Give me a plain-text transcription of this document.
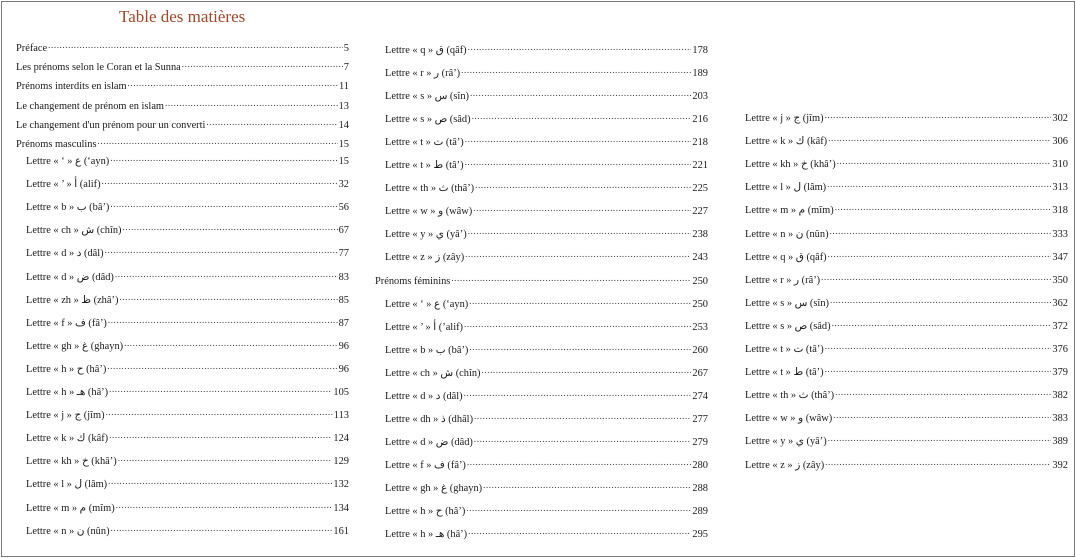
Table des matières
Préface .....	5
Les prénoms selon le Coran et la Sunna .....	7
Prénoms interdits en islam .....	11
Le changement de prénom en islam .....	13
Le changement d'un prénom pour un converti .....	14
Prénoms masculins .....	15
Lettre « ‘ » ع (‘ayn) .....	15
Lettre « ’ » أ (alif) .....	32
Lettre « b » ب (bâ’) .....	56
Lettre « ch » ش (chîn) .....	67
Lettre « d » د (dâl) .....	77
Lettre « d » ض (dâd) .....	83
Lettre « zh » ظ (zhâ’) .....	85
Lettre « f » ف (fâ’) .....	87
Lettre « gh » غ (ghayn) .....	96
Lettre « h » ح (hâ’) .....	96
Lettre « h » هـ (hâ’) .....	105
Lettre « j » ج (jîm) .....	113
Lettre « k » ك (kâf) .....	124
Lettre « kh » خ (khâ’) .....	129
Lettre « l » ل (lâm) .....	132
Lettre « m » م (mîm) .....	134
Lettre « n » ن (nûn) .....	161
Lettre « q » ق (qâf) .....	178
Lettre « r » ر (râ’) .....	189
Lettre « s » س (sîn) .....	203
Lettre « s » ص (sâd) .....	216
Lettre « t » ت (tâ’) .....	218
Lettre « t » ط (tâ’) .....	221
Lettre « th » ث (thâ’) .....	225
Lettre « w » و (wâw) .....	227
Lettre « y » ي (yâ’) .....	238
Lettre « z » ز (zây) .....	243
Prénoms féminins .....	250
Lettre « ‘ » ع (‘ayn) .....	250
Lettre « ’ » أ (’alif) .....	253
Lettre « b » ب (bâ’) .....	260
Lettre « ch » ش (chîn) .....	267
Lettre « d » د (dâl) .....	274
Lettre « dh » ذ (dhâl) .....	277
Lettre « d » ض (dâd) .....	279
Lettre « f » ف (fâ’) .....	280
Lettre « gh » غ (ghayn) .....	288
Lettre « h » ح (hâ’) .....	289
Lettre « h » هـ (hâ’) .....	295
Lettre « j » ج (jîm) .....	302
Lettre « k » ك (kâf) .....	306
Lettre « kh » خ (khâ’) .....	310
Lettre « l » ل (lâm) .....	313
Lettre « m » م (mîm) .....	318
Lettre « n » ن (nûn) .....	333
Lettre « q » ق (qâf) .....	347
Lettre « r » ر (râ’) .....	350
Lettre « s » س (sîn) .....	362
Lettre « s » ص (sâd) .....	372
Lettre « t » ت (tâ’) .....	376
Lettre « t » ط (tâ’) .....	379
Lettre « th » ث (thâ’) .....	382
Lettre « w » و (wâw) .....	383
Lettre « y » ي (yâ’) .....	389
Lettre « z » ز (zây) .....	392
